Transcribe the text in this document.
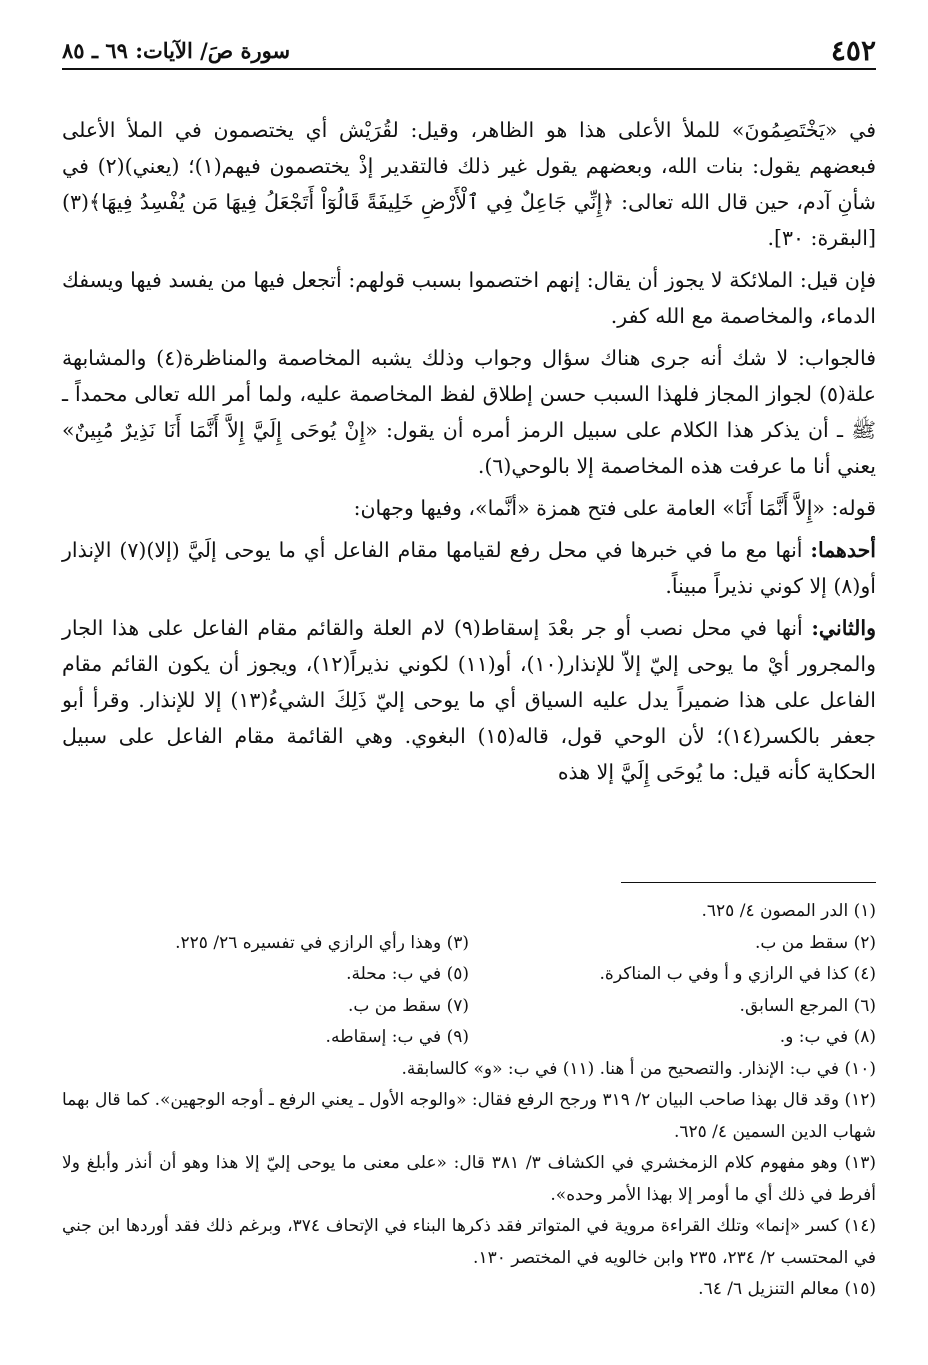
٤٥٢
سورة صَ/ الآيات: ٦٩ ـ ٨٥

في «يَخْتَصِمُونَ» للملأ الأعلى هذا هو الظاهر، وقيل: لقُرَيْش أي يختصمون في الملأ الأعلى فبعضهم يقول: بنات الله، وبعضهم يقول غير ذلك فالتقدير إذْ يختصمون فيهم(١)؛ (يعني)(٢) في شأنِ آدم، حين قال الله تعالى: ﴿إِنِّي جَاعِلٌ فِي ٱلْأَرْضِ خَلِيفَةً قَالُوٓاْ أَتَجْعَلُ فِيهَا مَن يُفْسِدُ فِيهَا﴾(٣) [البقرة: ٣٠].

فإن قيل: الملائكة لا يجوز أن يقال: إنهم اختصموا بسبب قولهم: أتجعل فيها من يفسد فيها ويسفك الدماء، والمخاصمة مع الله كفر.

فالجواب: لا شك أنه جرى هناك سؤال وجواب وذلك يشبه المخاصمة والمناظرة(٤) والمشابهة علة(٥) لجواز المجاز فلهذا السبب حسن إطلاق لفظ المخاصمة عليه، ولما أمر الله تعالى محمداً ـ ﷺ ـ أن يذكر هذا الكلام على سبيل الرمز أمره أن يقول: «إِنْ يُوحَى إِلَيَّ إِلاَّ أَنَّمَا أَنَا نَذِيرٌ مُبِينٌ» يعني أنا ما عرفت هذه المخاصمة إلا بالوحي(٦).

قوله: «إِلاَّ أَنَّمَا أَنَا» العامة على فتح همزة «أنَّما»، وفيها وجهان:

أحدهما: أنها مع ما في خبرها في محل رفع لقيامها مقام الفاعل أي ما يوحى إلَيَّ (إلا)(٧) الإنذار أو(٨) إلا كوني نذيراً مبيناً.

والثاني: أنها في محل نصب أو جر بعْدَ إسقاط(٩) لام العلة والقائم مقام الفاعل على هذا الجار والمجرور أيْ ما يوحى إليّ إلاّ للإنذار(١٠)، أو(١١) لكوني نذيراً(١٢)، ويجوز أن يكون القائم مقام الفاعل على هذا ضميراً يدل عليه السياق أي ما يوحى إليّ ذَلِكَ الشيءُ(١٣) إلا للإنذار. وقرأ أبو جعفر بالكسر(١٤)؛ لأن الوحي قول، قاله(١٥) البغوي. وهي القائمة مقام الفاعل على سبيل الحكاية كأنه قيل: ما يُوحَى إِلَيَّ إلا هذه

(١) الدر المصون ٤/ ٦٢٥.
(٢) سقط من ب.
(٣) وهذا رأي الرازي في تفسيره ٢٦/ ٢٢٥.
(٤) كذا في الرازي و أ وفي ب المناكرة.
(٥) في ب: محلة.
(٦) المرجع السابق.
(٧) سقط من ب.
(٨) في ب: و.
(٩) في ب: إسقاطه.
(١٠) في ب: الإنذار. والتصحيح من أ هنا. (١١) في ب: «و» كالسابقة.
(١٢) وقد قال بهذا صاحب البيان ٢/ ٣١٩ ورجح الرفع فقال: «والوجه الأول ـ يعني الرفع ـ أوجه الوجهين». كما قال بهما شهاب الدين السمين ٤/ ٦٢٥.
(١٣) وهو مفهوم كلام الزمخشري في الكشاف ٣/ ٣٨١ قال: «على معنى ما يوحى إليّ إلا هذا وهو أن أنذر وأبلغ ولا أفرط في ذلك أي ما أومر إلا بهذا الأمر وحده».
(١٤) كسر «إنما» وتلك القراءة مروية في المتواتر فقد ذكرها البناء في الإتحاف ٣٧٤، وبرغم ذلك فقد أوردها ابن جني في المحتسب ٢/ ٢٣٤، ٢٣٥ وابن خالويه في المختصر ١٣٠.
(١٥) معالم التنزيل ٦/ ٦٤.
